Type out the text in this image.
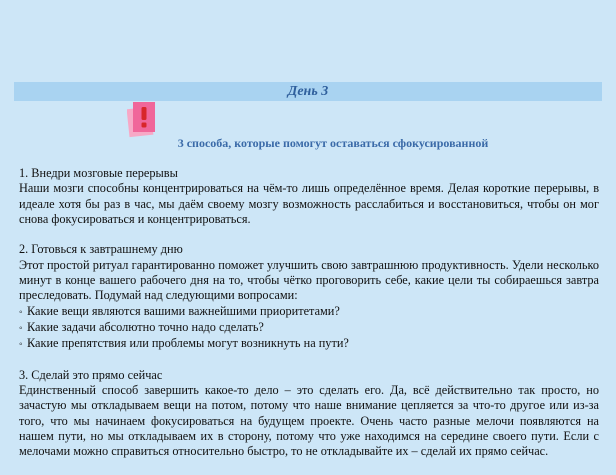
День 3
3 способа, которые помогут оставаться сфокусированной

1. Внедри мозговые перерывы

Наши мозги способны концентрироваться на чём-то лишь определённое время. Делая короткие перерывы, в идеале хотя бы раз в час, мы даём своему мозгу возможность расслабиться и восстановиться, чтобы он мог снова фокусироваться и концентрироваться.

2. Готовься к завтрашнему дню

Этот простой ритуал гарантированно поможет улучшить свою завтрашнюю продуктивность. Удели несколько минут в конце вашего рабочего дня на то, чтобы чётко проговорить себе, какие цели ты собираешься завтра преследовать. Подумай над следующими вопросами:

◦ Какие вещи являются вашими важнейшими приоритетами?
◦ Какие задачи абсолютно точно надо сделать?
◦ Какие препятствия или проблемы могут возникнуть на пути?

3. Сделай это прямо сейчас

Единственный способ завершить какое-то дело – это сделать его. Да, всё действительно так просто, но зачастую мы откладываем вещи на потом, потому что наше внимание цепляется за что-то другое или из-за того, что мы начинаем фокусироваться на будущем проекте. Очень часто разные мелочи появляются на нашем пути, но мы откладываем их в сторону, потому что уже находимся на середине своего пути. Если с мелочами можно справиться относительно быстро, то не откладывайте их – сделай их прямо сейчас.
